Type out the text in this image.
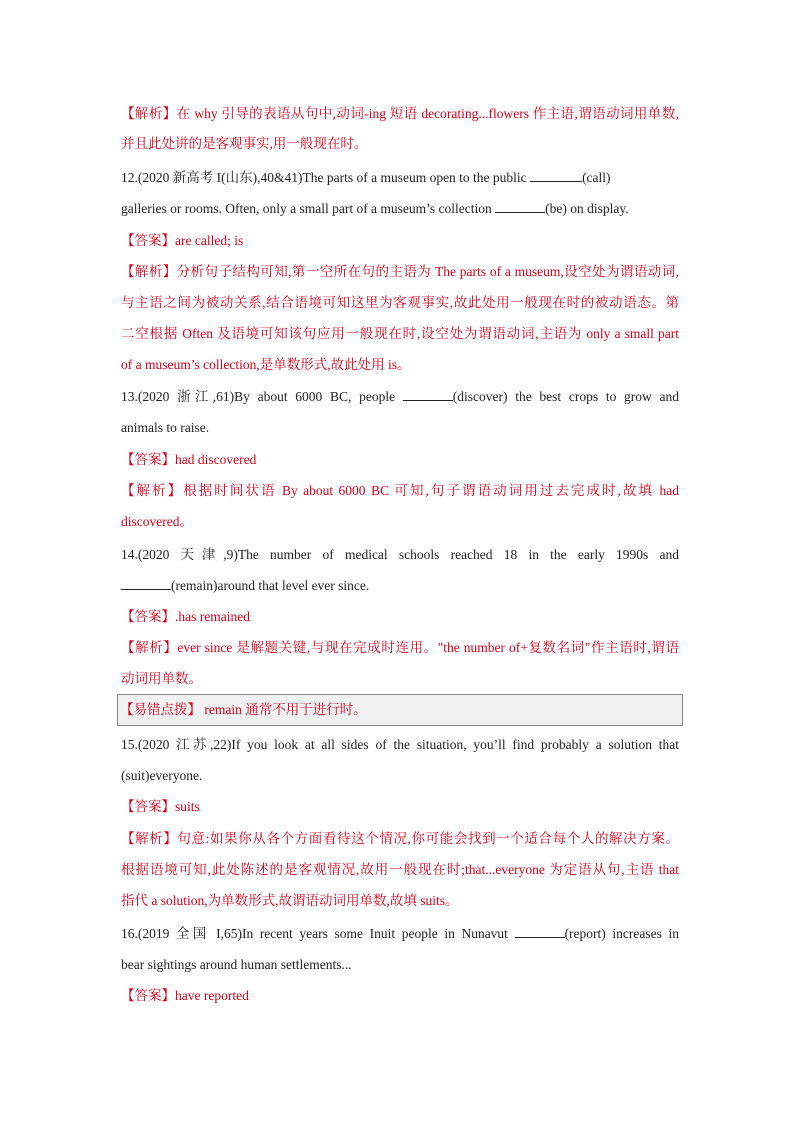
【解析】在 why 引导的表语从句中,动词-ing 短语 decorating...flowers 作主语,谓语动词用单数,
并且此处讲的是客观事实,用一般现在时。
12.(2020 新高考 I(山东),40&41)The parts of a museum open to the public	(call)
galleries or rooms. Often, only a small part of a museum’s collection	(be) on display.
【答案】are called; is
【解析】分析句子结构可知,第一空所在句的主语为 The parts of a museum,设空处为谓语动词,
与主语之间为被动关系,结合语境可知这里为客观事实,故此处用一般现在时的被动语态。第
二空根据 Often 及语境可知该句应用一般现在时,设空处为谓语动词,主语为 only a small part
of a museum’s collection,是单数形式,故此处用 is。
13.(2020 浙江,61)By about 6000 BC, people	(discover) the best crops to grow and
animals to raise.
【答案】had discovered
【解析】根据时间状语 By about 6000 BC 可知,句子谓语动词用过去完成时,故填 had
discovered。
14.(2020 天津,9)The number of medical schools reached 18 in the early 1990s and
(remain)around that level ever since.
【答案】.has remained
【解析】ever since 是解题关键,与现在完成时连用。"the number of+复数名词"作主语时,谓语
动词用单数。
【易错点拨】 remain 通常不用于进行时。
15.(2020 江苏,22)If you look at all sides of the situation, you’ll find probably a solution that
(suit)everyone.
【答案】suits
【解析】句意:如果你从各个方面看待这个情况,你可能会找到一个适合每个人的解决方案。
根据语境可知,此处陈述的是客观情况,故用一般现在时;that...everyone 为定语从句,主语 that
指代 a solution,为单数形式,故谓语动词用单数,故填 suits。
16.(2019 全国 I,65)In recent years some Inuit people in Nunavut	(report) increases in
bear sightings around human settlements...
【答案】have reported
